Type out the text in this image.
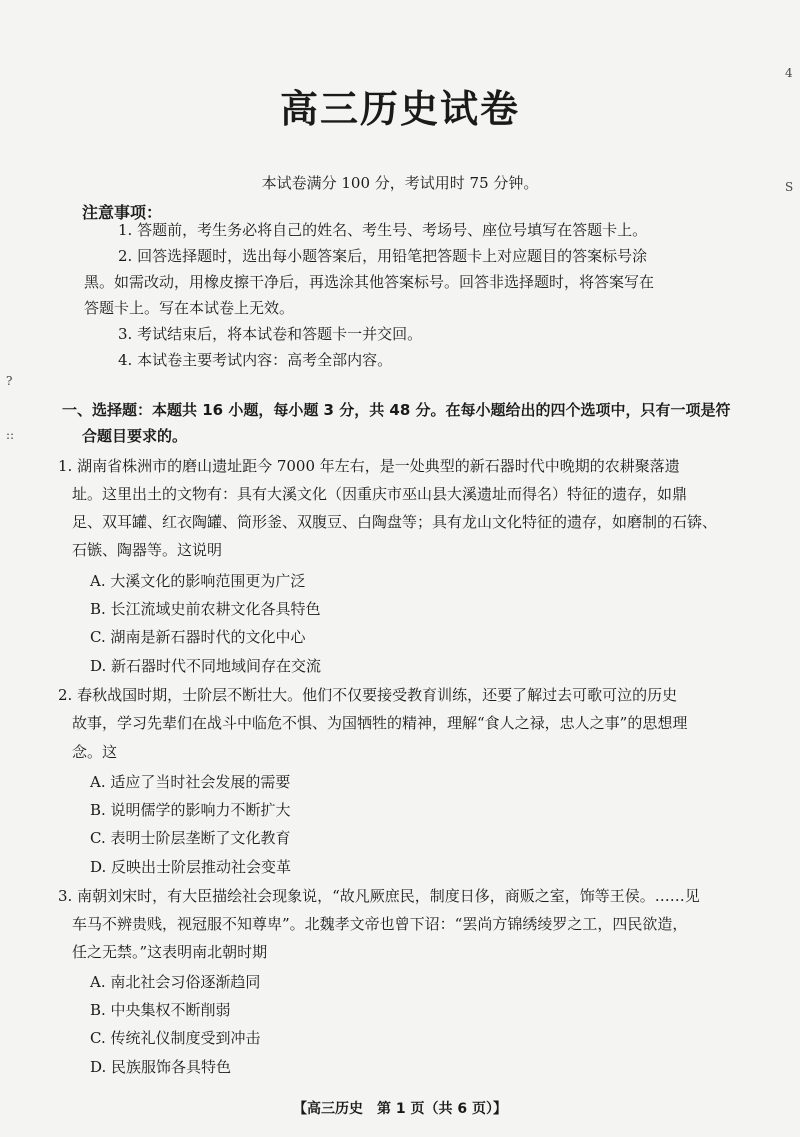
4
S
?
::
高三历史试卷
本试卷满分 100 分，考试用时 75 分钟。
注意事项：
1. 答题前，考生务必将自己的姓名、考生号、考场号、座位号填写在答题卡上。
2. 回答选择题时，选出每小题答案后，用铅笔把答题卡上对应题目的答案标号涂
黑。如需改动，用橡皮擦干净后，再选涂其他答案标号。回答非选择题时，将答案写在
答题卡上。写在本试卷上无效。
3. 考试结束后，将本试卷和答题卡一并交回。
4. 本试卷主要考试内容：高考全部内容。
一、选择题：本题共 16 小题，每小题 3 分，共 48 分。在每小题给出的四个选项中，只有一项是符
合题目要求的。
1. 湖南省株洲市的磨山遗址距今 7000 年左右，是一处典型的新石器时代中晚期的农耕聚落遗
址。这里出土的文物有：具有大溪文化（因重庆市巫山县大溪遗址而得名）特征的遗存，如鼎
足、双耳罐、红衣陶罐、筒形釜、双腹豆、白陶盘等；具有龙山文化特征的遗存，如磨制的石锛、
石镞、陶器等。这说明
A. 大溪文化的影响范围更为广泛
B. 长江流域史前农耕文化各具特色
C. 湖南是新石器时代的文化中心
D. 新石器时代不同地域间存在交流
2. 春秋战国时期，士阶层不断壮大。他们不仅要接受教育训练，还要了解过去可歌可泣的历史
故事，学习先辈们在战斗中临危不惧、为国牺牲的精神，理解“食人之禄，忠人之事”的思想理
念。这
A. 适应了当时社会发展的需要
B. 说明儒学的影响力不断扩大
C. 表明士阶层垄断了文化教育
D. 反映出士阶层推动社会变革
3. 南朝刘宋时，有大臣描绘社会现象说，“故凡厥庶民，制度日侈，商贩之室，饰等王侯。……见
车马不辨贵贱，视冠服不知尊卑”。北魏孝文帝也曾下诏：“罢尚方锦绣绫罗之工，四民欲造，
任之无禁。”这表明南北朝时期
A. 南北社会习俗逐渐趋同
B. 中央集权不断削弱
C. 传统礼仪制度受到冲击
D. 民族服饰各具特色
【高三历史　第 1 页（共 6 页）】
